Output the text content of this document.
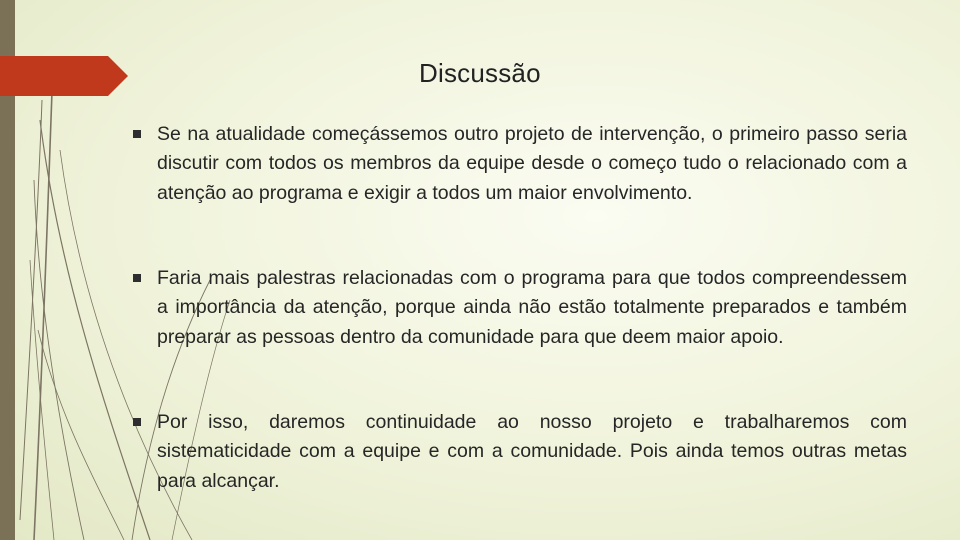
Discussão
Se na atualidade começássemos outro projeto de intervenção, o primeiro passo seria discutir com todos os membros da equipe desde o começo tudo o relacionado com a atenção ao programa e exigir a todos um maior envolvimento.
Faria mais palestras relacionadas com o programa para que todos compreendessem a importância da atenção, porque ainda não estão totalmente preparados e também preparar as pessoas dentro da comunidade para que deem maior apoio.
Por isso, daremos continuidade ao nosso projeto e trabalharemos com sistematicidade com a equipe e com a comunidade. Pois ainda temos outras metas para alcançar.
